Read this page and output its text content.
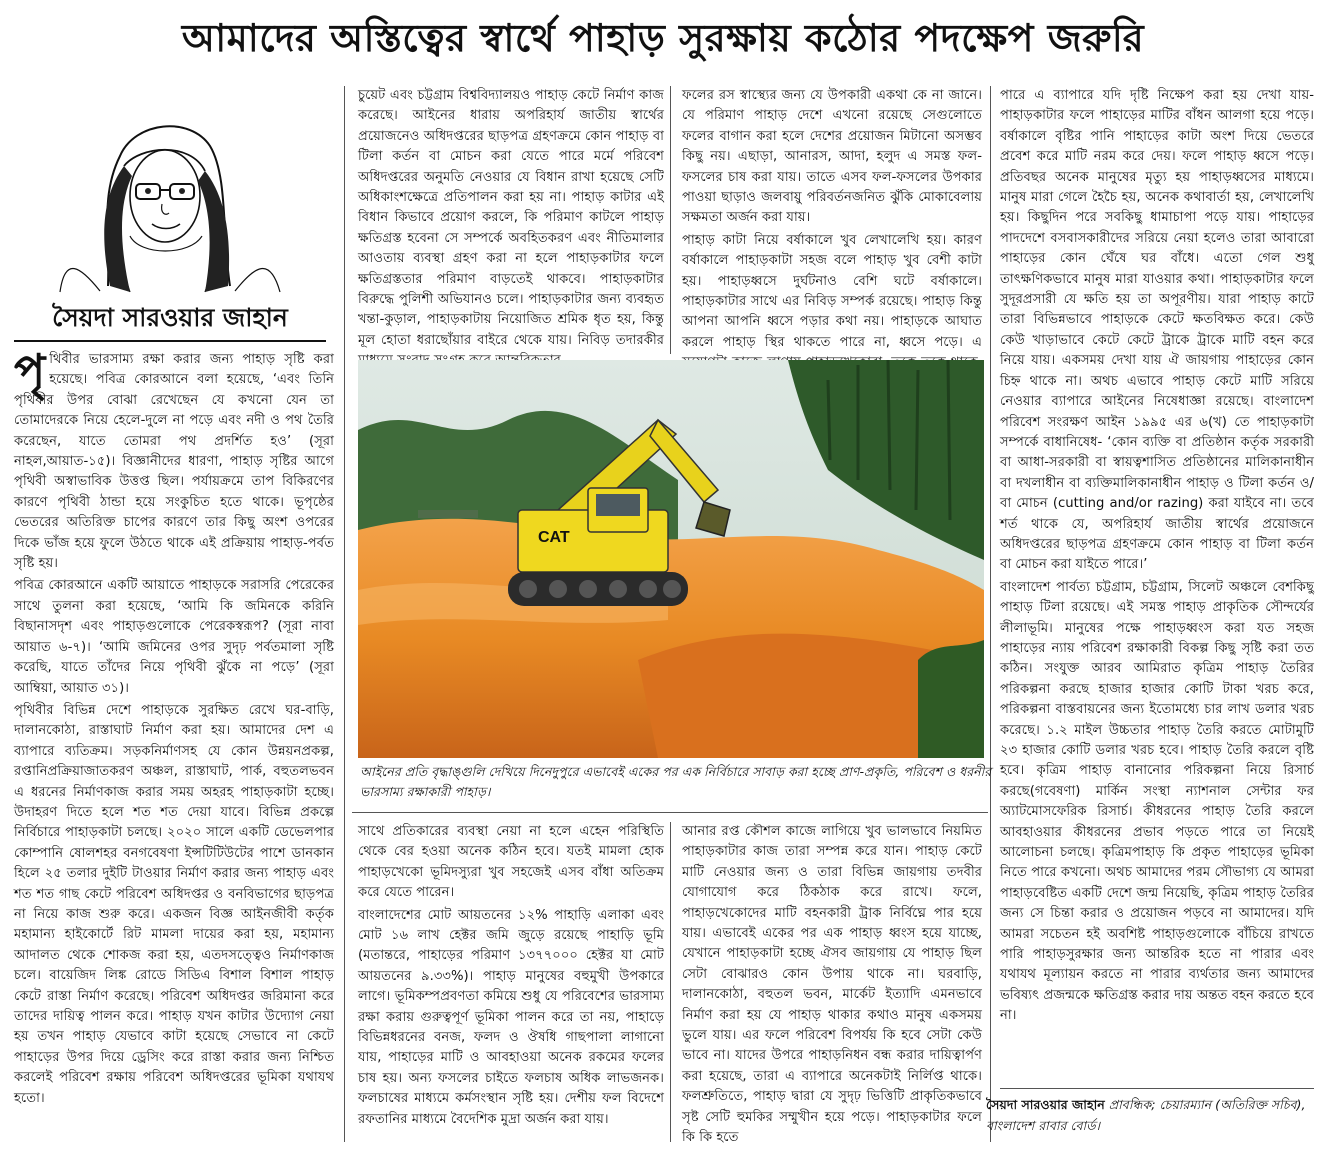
আমাদের অস্তিত্বের স্বার্থে পাহাড় সুরক্ষায় কঠোর পদক্ষেপ জরুরি
সৈয়দা সারওয়ার জাহান

পৃথিবীর ভারসাম্য রক্ষা করার জন্য পাহাড় সৃষ্টি করা হয়েছে। পবিত্র কোরআনে বলা হয়েছে, ‘এবং তিনি পৃথিবীর উপর বোঝা রেখেছেন যে কখনো যেন তা তোমাদেরকে নিয়ে হেলে-দুলে না পড়ে এবং নদী ও পথ তৈরি করেছেন, যাতে তোমরা পথ প্রদর্শিত হও’ (সূরা নাহল,আয়াত-১৫)। বিজ্ঞানীদের ধারণা, পাহাড় সৃষ্টির আগে পৃথিবী অস্বাভাবিক উত্তপ্ত ছিল। পর্যায়ক্রমে তাপ বিকিরণের কারণে পৃথিবী ঠান্ডা হয়ে সংকুচিত হতে থাকে। ভূপৃষ্ঠের ভেতরের অতিরিক্ত চাপের কারণে তার কিছু অংশ ওপরের দিকে ভাঁজ হয়ে ফুলে উঠতে থাকে এই প্রক্রিয়ায় পাহাড়-পর্বত সৃষ্টি হয়।

পবিত্র কোরআনে একটি আয়াতে পাহাড়কে সরাসরি পেরেকের সাথে তুলনা করা হয়েছে, ‘আমি কি জমিনকে করিনি বিছানাসদৃশ এবং পাহাড়গুলোকে পেরেকস্বরূপ? (সূরা নাবা আয়াত ৬-৭)। ‘আমি জমিনের ওপর সুদৃঢ় পর্বতমালা সৃষ্টি করেছি, যাতে তাঁদের নিয়ে পৃথিবী ঝুঁকে না পড়ে’ (সূরা আম্বিয়া, আয়াত ৩১)।

পৃথিবীর বিভিন্ন দেশে পাহাড়কে সুরক্ষিত রেখে ঘর-বাড়ি, দালানকোঠা, রাস্তাঘাট নির্মাণ করা হয়। আমাদের দেশ এ ব্যাপারে ব্যতিক্রম। সড়কনির্মাণসহ যে কোন উন্নয়নপ্রকল্প, রপ্তানিপ্রক্রিয়াজাতকরণ অঞ্চল, রাস্তাঘাট, পার্ক, বহুতলভবন এ ধরনের নির্মাণকাজ করার সময় অহরহ পাহাড়কাটা হচ্ছে। উদাহরণ দিতে হলে শত শত দেয়া যাবে। বিভিন্ন প্রকল্পে নির্বিচারে পাহাড়কাটা চলছে। ২০২০ সালে একটি ডেভেলপার কোম্পানি ষোলশহর বনগবেষণা ইন্সটিটিউটের পাশে ডানকান হিলে ২৫ তলার দুইটি টাওয়ার নির্মাণ করার জন্য পাহাড় এবং শত শত গাছ কেটে পরিবেশ অধিদপ্তর ও বনবিভাগের ছাড়পত্র না নিয়ে কাজ শুরু করে। একজন বিজ্ঞ আইনজীবী কর্তৃক মহামান্য হাইকোর্টে রিট মামলা দায়ের করা হয়, মহামান্য আদালত থেকে শোকজ করা হয়, এতদসত্ত্বেও নির্মাণকাজ চলে। বায়েজিদ লিঙ্ক রোডে সিডিএ বিশাল বিশাল পাহাড় কেটে রাস্তা নির্মাণ করেছে। পরিবেশ অধিদপ্তর জরিমানা করে তাদের দায়িত্ব পালন করে। পাহাড় যখন কাটার উদ্যোগ নেয়া হয় তখন পাহাড় যেভাবে কাটা হয়েছে সেভাবে না কেটে পাহাড়ের উপর দিয়ে ড্রেসিং করে রাস্তা করার জন্য নিশ্চিত করলেই পরিবেশ রক্ষায় পরিবেশ অধিদপ্তরের ভূমিকা যথাযথ হতো।

চুয়েট এবং চট্টগ্রাম বিশ্ববিদ্যালয়ও পাহাড় কেটে নির্মাণ কাজ করেছে। আইনের ধারায় অপরিহার্য জাতীয় স্বার্থের প্রয়োজনেও অধিদপ্তরের ছাড়পত্র গ্রহণক্রমে কোন পাহাড় বা টিলা কর্তন বা মোচন করা যেতে পারে মর্মে পরিবেশ অধিদপ্তরের অনুমতি নেওয়ার যে বিধান রাখা হয়েছে সেটি অধিকাংশক্ষেত্রে প্রতিপালন করা হয় না। পাহাড় কাটার এই বিধান কিভাবে প্রয়োগ করলে, কি পরিমাণ কাটলে পাহাড় ক্ষতিগ্রস্ত হবেনা সে সম্পর্কে অবহিতকরণ এবং নীতিমালার আওতায় ব্যবস্থা গ্রহণ করা না হলে পাহাড়কাটার ফলে ক্ষতিগ্রস্ততার পরিমাণ বাড়তেই থাকবে। পাহাড়কাটার বিরুদ্ধে পুলিশী অভিযানও চলে। পাহাড়কাটার জন্য ব্যবহৃত খন্তা-কুড়াল, পাহাড়কাটায় নিয়োজিত শ্রমিক ধৃত হয়, কিন্তু মূল হোতা ধরাছোঁয়ার বাইরে থেকে যায়। নিবিড় তদারকীর

ফলের রস স্বাস্থ্যের জন্য যে উপকারী একথা কে না জানে। যে পরিমাণ পাহাড় দেশে এখনো রয়েছে সেগুলোতে ফলের বাগান করা হলে দেশের প্রয়োজন মিটানো অসম্ভব কিছু নয়। এছাড়া, আনারস, আদা, হলুদ এ সমস্ত ফল-ফসলের চাষ করা যায়। তাতে এসব ফল-ফসলের উপকার পাওয়া ছাড়াও জলবায়ু পরিবর্তনজনিত ঝুঁকি মোকাবেলায় সক্ষমতা অর্জন করা যায়।

পাহাড় কাটা নিয়ে বর্ষাকালে খুব লেখালেখি হয়। কারণ বর্ষাকালে পাহাড়কাটা সহজ বলে পাহাড় খুব বেশী কাটা হয়। পাহাড়ধ্বসে দুর্ঘটনাও বেশি ঘটে বর্ষাকালে। পাহাড়কাটার সাথে এর নিবিড় সম্পর্ক রয়েছে। পাহাড় কিন্তু আপনা আপনি ধ্বসে পড়ার কথা নয়। পাহাড়কে আঘাত করলে পাহাড় স্থির থাকতে পারে না, ধ্বসে পড়ে। এ

পারে এ ব্যাপারে যদি দৃষ্টি নিক্ষেপ করা হয় দেখা যায়-পাহাড়কাটার ফলে পাহাড়ের মাটির বাঁধন আলগা হয়ে পড়ে। বর্ষাকালে বৃষ্টির পানি পাহাড়ের কাটা অংশ দিয়ে ভেতরে প্রবেশ করে মাটি নরম করে দেয়। ফলে পাহাড় ধ্বসে পড়ে। প্রতিবছর অনেক মানুষের মৃত্যু হয় পাহাড়ধ্বসের মাধ্যমে। মানুষ মারা গেলে হৈচৈ হয়, অনেক কথাবার্তা হয়, লেখালেখি হয়। কিছুদিন পরে সবকিছু ধামাচাপা পড়ে যায়। পাহাড়ের পাদদেশে বসবাসকারীদের সরিয়ে নেয়া হলেও তারা আবারো পাহাড়ের কোন ঘেঁষে ঘর বাঁধে। এতো গেল শুধু তাৎক্ষণিকভাবে মানুষ মারা যাওয়ার কথা। পাহাড়কাটার ফলে সুদূরপ্রসারী যে ক্ষতি হয় তা অপূরণীয়। যারা পাহাড় কাটে তারা বিভিন্নভাবে পাহাড়কে কেটে ক্ষতবিক্ষত করে। কেউ কেউ খাড়াভাবে কেটে কেটে ট্রাকে ট্রাকে মাটি বহন করে নিয়ে যায়। একসময় দেখা যায় ঐ জায়গায় পাহাড়ের কোন চিহ্ন থাকে না। অথচ এভাবে পাহাড় কেটে মাটি সরিয়ে নেওয়ার ব্যাপারে আইনের নিষেধাজ্ঞা রয়েছে। বাংলাদেশ পরিবেশ সংরক্ষণ আইন ১৯৯৫ এর ৬(খ) তে পাহাড়কাটা সম্পর্কে বাধানিষেধ- ‘কোন ব্যক্তি বা প্রতিষ্ঠান কর্তৃক সরকারী বা আধা-সরকারী বা স্বায়ত্বশাসিত প্রতিষ্ঠানের মালিকানাধীন বা দখলাধীন বা ব্যক্তিমালিকানাধীন পাহাড় ও টিলা কর্তন ও/বা মোচন (cutting and/or razing) করা যাইবে না। তবে শর্ত থাকে যে, অপরিহার্য জাতীয় স্বার্থের প্রয়োজনে অধিদপ্তরের ছাড়পত্র গ্রহণক্রমে কোন পাহাড় বা টিলা কর্তন বা মোচন করা যাইতে পারে।’

বাংলাদেশ পার্বত্য চট্টগ্রাম, চট্টগ্রাম, সিলেট অঞ্চলে বেশকিছু পাহাড় টিলা রয়েছে। এই সমস্ত পাহাড় প্রাকৃতিক সৌন্দর্যের লীলাভূমি। মানুষের পক্ষে পাহাড়ধ্বংস করা যত সহজ পাহাড়ের ন্যায় পরিবেশ রক্ষাকারী বিকল্প কিছু সৃষ্টি করা তত কঠিন। সংযুক্ত আরব আমিরাত কৃত্রিম পাহাড় তৈরির পরিকল্পনা করছে হাজার হাজার কোটি টাকা খরচ করে, পরিকল্পনা বাস্তবায়নের জন্য ইতোমধ্যে চার লাখ ডলার খরচ করেছে। ১.২ মাইল উচ্চতার পাহাড় তৈরি করতে মোটামুটি ২৩ হাজার কোটি ডলার খরচ হবে। পাহাড় তৈরি করলে বৃষ্টি হবে। কৃত্রিম পাহাড় বানানোর পরিকল্পনা নিয়ে রিসার্চ করছে(গবেষণা) মার্কিন সংস্থা ন্যাশনাল সেন্টার ফর অ্যাটমোসফেরিক রিসার্চ। কীধরনের পাহাড় তৈরি করলে আবহাওয়ার কীধরনের প্রভাব পড়তে পারে তা নিয়েই আলোচনা চলছে। কৃত্রিমপাহাড় কি প্রকৃত পাহাড়ের ভূমিকা নিতে পারে কখনো। অথচ আমাদের পরম সৌভাগ্য যে আমরা পাহাড়বেষ্টিত একটি দেশে জন্ম নিয়েছি, কৃত্রিম পাহাড় তৈরির জন্য সে চিন্তা করার ও প্রয়োজন পড়বে না আমাদের। যদি আমরা সচেতন হই অবশিষ্ট পাহাড়গুলোকে বাঁচিয়ে রাখতে পারি পাহাড়সুরক্ষার জন্য আন্তরিক হতে না পারার এবং যথাযথ মূল্যায়ন করতে না পারার ব্যর্থতার জন্য আমাদের ভবিষ্যৎ প্রজন্মকে ক্ষতিগ্রস্ত করার দায় অন্তত বহন করতে হবে না।

CAT

আইনের প্রতি বৃদ্ধাঙ্গুলি দেখিয়ে দিনেদুপুরে এভাবেই একের পর এক নির্বিচারে সাবাড় করা হচ্ছে প্রাণ-প্রকৃতি, পরিবেশ ও ধরনীর ভারসাম্য রক্ষাকারী পাহাড়।

সাথে প্রতিকারের ব্যবস্থা নেয়া না হলে এহেন পরিস্থিতি থেকে বের হওয়া অনেক কঠিন হবে। যতই মামলা হোক পাহাড়খেকো ভূমিদস্যুরা খুব সহজেই এসব বাঁধা অতিক্রম করে যেতে পারেন।

বাংলাদেশের মোট আয়তনের ১২% পাহাড়ি এলাকা এবং মোট ১৬ লাখ হেক্টর জমি জুড়ে রয়েছে পাহাড়ি ভূমি (মতান্তরে, পাহাড়ের পরিমাণ ১৩৭৭০০০ হেক্টর যা মোট আয়তনের ৯.৩৩%)। পাহাড় মানুষের বহুমুখী উপকারে লাগে। ভূমিকম্পপ্রবণতা কমিয়ে শুধু যে পরিবেশের ভারসাম্য রক্ষা করায় গুরুত্বপূর্ণ ভূমিকা পালন করে তা নয়, পাহাড়ে বিভিন্নধরনের বনজ, ফলদ ও ঔষধি গাছপালা লাগানো যায়, পাহাড়ের মাটি ও আবহাওয়া অনেক রকমের ফলের চাষ হয়। অন্য ফসলের চাইতে ফলচাষ অধিক লাভজনক। ফলচাষের মাধ্যমে কর্মসংস্থান সৃষ্টি হয়। দেশীয় ফল বিদেশে রফতানির মাধ্যমে বৈদেশিক মুদ্রা অর্জন করা যায়।

আনার রপ্ত কৌশল কাজে লাগিয়ে খুব ভালভাবে নিয়মিত পাহাড়কাটার কাজ তারা সম্পন্ন করে যান। পাহাড় কেটে মাটি নেওয়ার জন্য ও তারা বিভিন্ন জায়গায় তদবীর যোগাযোগ করে ঠিকঠাক করে রাখে। ফলে, পাহাড়খেকোদের মাটি বহনকারী ট্রাক নির্বিঘ্নে পার হয়ে যায়। এভাবেই একের পর এক পাহাড় ধ্বংস হয়ে যাচ্ছে, যেখানে পাহাড়কাটা হচ্ছে ঐসব জায়গায় যে পাহাড় ছিল সেটা বোঝারও কোন উপায় থাকে না। ঘরবাড়ি, দালানকোঠা, বহুতল ভবন, মার্কেট ইত্যাদি এমনভাবে নির্মাণ করা হয় যে পাহাড় থাকার কথাও মানুষ একসময় ভুলে যায়। এর ফলে পরিবেশ বিপর্যয় কি হবে সেটা কেউ ভাবে না। যাদের উপরে পাহাড়নিধন বন্ধ করার দায়িত্বার্পণ করা হয়েছে, তারা এ ব্যাপারে অনেকটাই নির্লিপ্ত থাকে। ফলশ্রুতিতে, পাহাড় দ্বারা যে সুদৃঢ় ভিত্তিটি প্রাকৃতিকভাবে সৃষ্ট সেটি হুমকির সম্মুখীন হয়ে পড়ে। পাহাড়কাটার ফলে কি কি হতে

সৈয়দা সারওয়ার জাহান প্রাবন্ধিক; চেয়ারম্যান (অতিরিক্ত সচিব), বাংলাদেশ রাবার বোর্ড।
